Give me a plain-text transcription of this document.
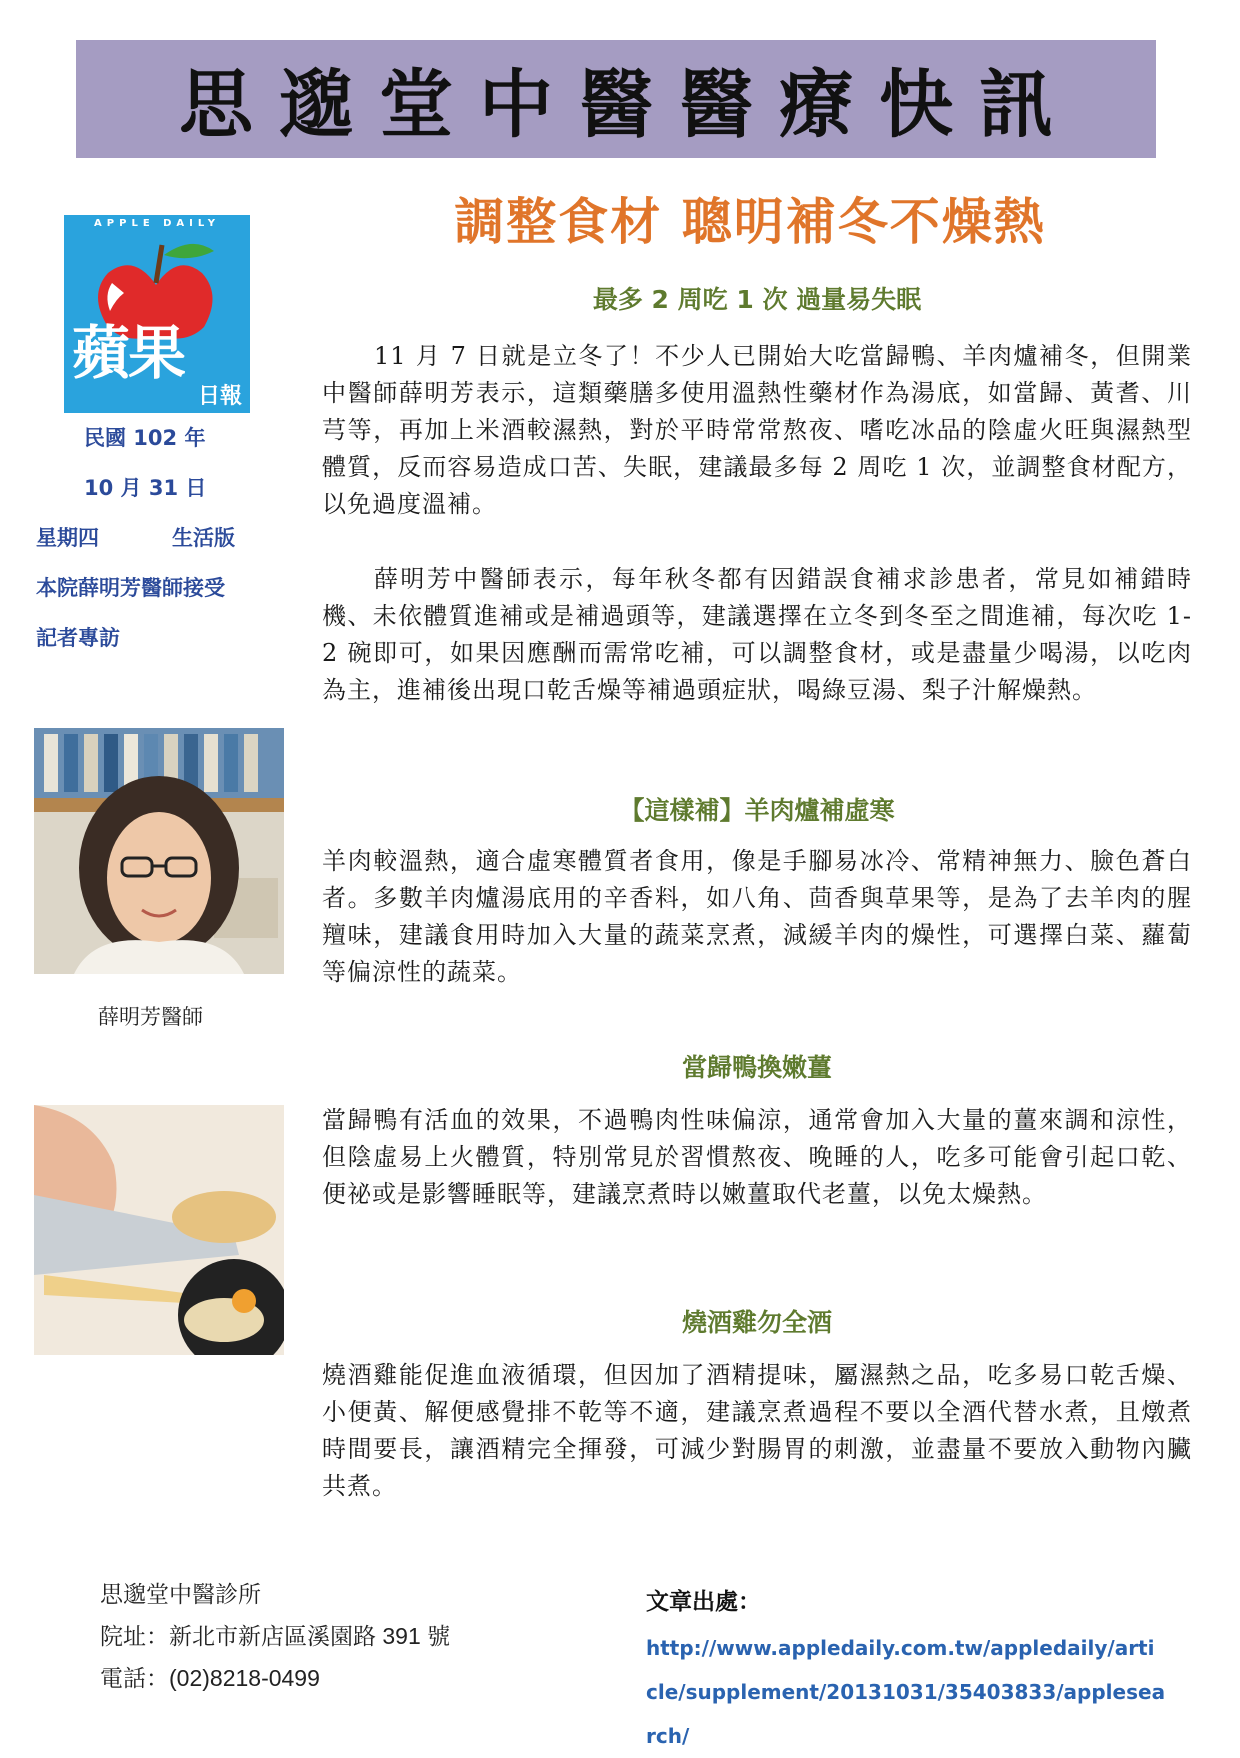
思邈堂中醫醫療快訊
調整食材 聰明補冬不燥熱
最多 2 周吃 1 次 過量易失眠

11 月 7 日就是立冬了！不少人已開始大吃當歸鴨、羊肉爐補冬，但開業中醫師薛明芳表示，這類藥膳多使用溫熱性藥材作為湯底，如當歸、黃耆、川芎等，再加上米酒較濕熱，對於平時常常熬夜、嗜吃冰品的陰虛火旺與濕熱型體質，反而容易造成口苦、失眠，建議最多每 2 周吃 1 次，並調整食材配方，以免過度溫補。

薛明芳中醫師表示，每年秋冬都有因錯誤食補求診患者，常見如補錯時機、未依體質進補或是補過頭等，建議選擇在立冬到冬至之間進補，每次吃 1-2 碗即可，如果因應酬而需常吃補，可以調整食材，或是盡量少喝湯，以吃肉為主，進補後出現口乾舌燥等補過頭症狀，喝綠豆湯、梨子汁解燥熱。

【這樣補】羊肉爐補虛寒

羊肉較溫熱，適合虛寒體質者食用，像是手腳易冰冷、常精神無力、臉色蒼白者。多數羊肉爐湯底用的辛香料，如八角、茴香與草果等，是為了去羊肉的腥羶味，建議食用時加入大量的蔬菜烹煮，減緩羊肉的燥性，可選擇白菜、蘿蔔等偏涼性的蔬菜。

當歸鴨換嫩薑

當歸鴨有活血的效果，不過鴨肉性味偏涼，通常會加入大量的薑來調和涼性，但陰虛易上火體質，特別常見於習慣熬夜、晚睡的人，吃多可能會引起口乾、便祕或是影響睡眠等，建議烹煮時以嫩薑取代老薑，以免太燥熱。

燒酒雞勿全酒

燒酒雞能促進血液循環，但因加了酒精提味，屬濕熱之品，吃多易口乾舌燥、小便黃、解便感覺排不乾等不適，建議烹煮過程不要以全酒代替水煮，且燉煮時間要長，讓酒精完全揮發，可減少對腸胃的刺激，並盡量不要放入動物內臟共煮。

APPLE DAILY
蘋果
日報
民國 102 年
10 月 31 日
星期四	生活版
本院薛明芳醫師接受
記者專訪
薛明芳醫師
思邈堂中醫診所
院址：新北市新店區溪園路 391 號
電話：(02)8218-0499
文章出處：
http://www.appledaily.com.tw/appledaily/article/supplement/20131031/35403833/applesearch/
